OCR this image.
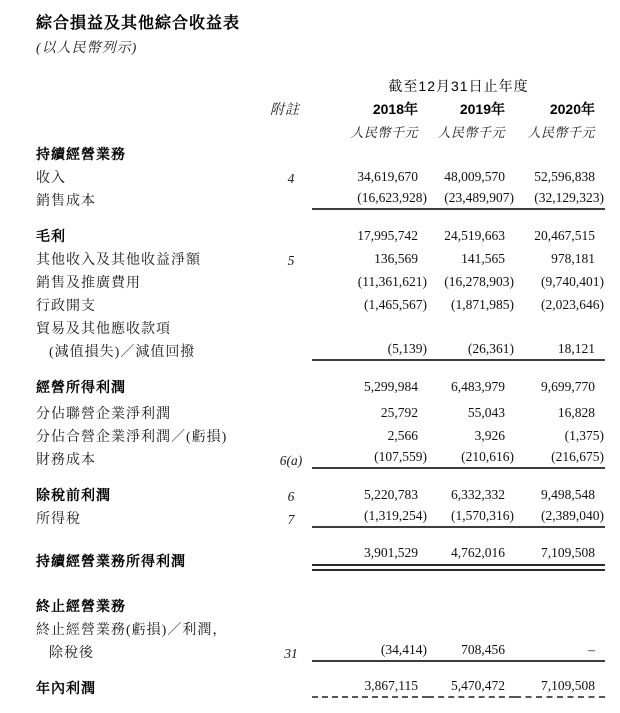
綜合損益及其他綜合收益表
(以人民幣列示)
		截至12月31日止年度		
	附註	2018年	2019年	2020年

		人民幣千元	人民幣千元	人民幣千元

持續經營業務		

收入	4	34,619,670	48,009,570	52,596,838

銷售成本		(16,623,928)	(23,489,907)	(32,129,323)

毛利		17,995,742	24,519,663	20,467,515

其他收入及其他收益淨額	5	136,569	141,565	978,181

銷售及推廣費用		(11,361,621)	(16,278,903)	(9,740,401)

行政開支		(1,465,567)	(1,871,985)	(2,023,646)

貿易及其他應收款項		

(減值損失)／減值回撥		(5,139)	(26,361)	18,121

經營所得利潤		5,299,984	6,483,979	9,699,770

分佔聯營企業淨利潤		25,792	55,043	16,828

分佔合營企業淨利潤／(虧損)		2,566	3,926	(1,375)

財務成本	6(a)	(107,559)	(210,616)	(216,675)

除稅前利潤	6	5,220,783	6,332,332	9,498,548

所得稅	7	(1,319,254)	(1,570,316)	(2,389,040)

持續經營業務所得利潤		3,901,529	4,762,016	7,109,508

終止經營業務		

終止經營業務(虧損)／利潤，		

除稅後	31	(34,414)	708,456	–

年內利潤		3,867,115	5,470,472	7,109,508
